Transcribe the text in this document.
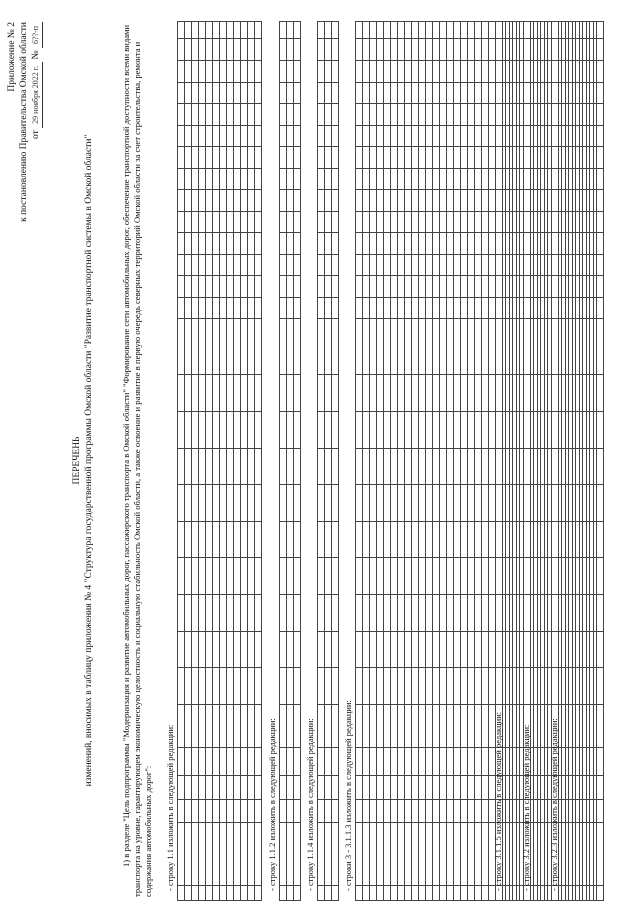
Приложение № 2 к постановлению Правительства Омской области от 29 ноября 2022 г. № 6??-п
ПЕРЕЧЕНЬ изменений, вносимых в таблицу приложения № 4 "Структура государственной программы Омской области "Развитие транспортной системы в Омской области"	1) в разделе "Цель подпрограммы "Модернизация и развитие автомобильных дорог, пассажирского транспорта в Омской области" "Формирование сети автомобильных дорог, обеспечение транспортной доступности всеми видами транспорта на уровне, гарантирующем экономическую целостность и социальную стабильность Омской области, а также освоение и развитие в первую очередь северных территорий Омской области за счет строительства, ремонта и содержания автомобильных дорог": - строку 1.1 изложить в следующей редакции:

																														- строку 1.1.2 изложить в следующей редакции:

																														- строку 1.1.4 изложить в следующей редакции:

																														- строки 3 - 3.1.1.3 изложить в следующей редакции:

																														- строку 3.1.1.5 изложить в следующей редакции:

																													- строку 3.2 изложить в следующей редакции:

																													- строку 3.2.3 изложить в следующей редакции:
